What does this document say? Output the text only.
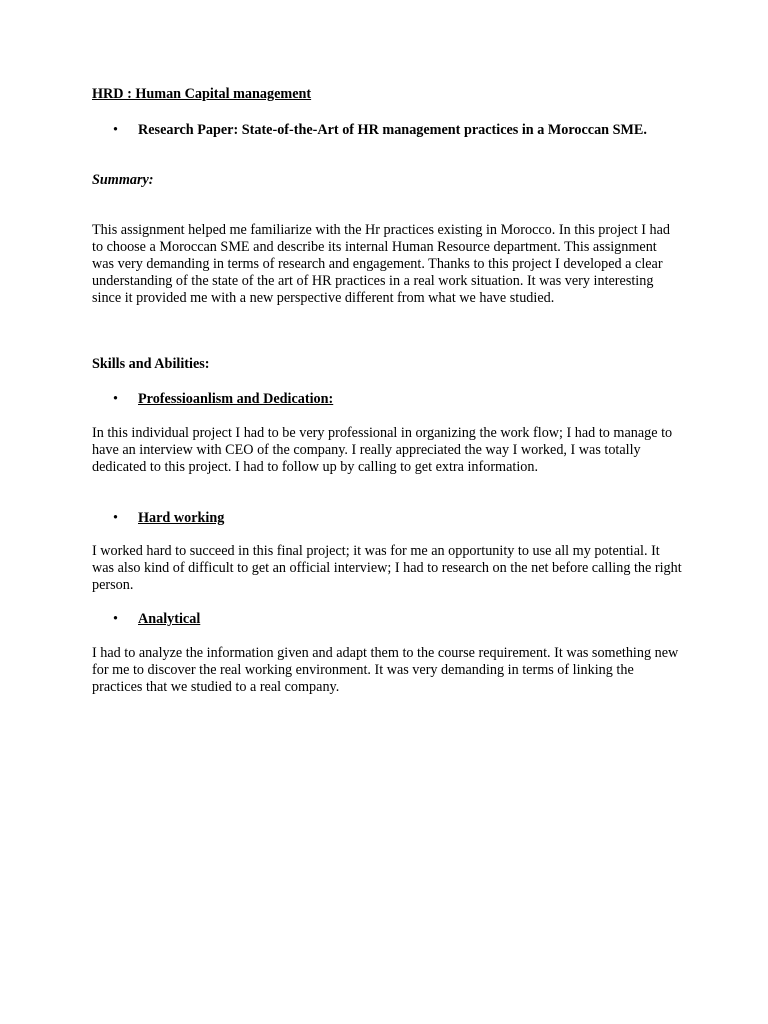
HRD : Human Capital management
•	Research Paper: State-of-the-Art of HR management practices in a Moroccan SME.
Summary:

This assignment helped me familiarize with the Hr practices existing in Morocco. In this project I had to choose a Moroccan SME and describe its internal Human Resource department. This assignment was very demanding in terms of research and engagement. Thanks to this project I developed a clear understanding of the state of the art of HR practices in a real work situation. It was very interesting since it provided me with a new perspective different from what we have studied.

Skills and Abilities:
•	Professioanlism and Dedication:

In this individual project I had to be very professional in organizing the work flow; I had to manage to have an interview with CEO of the company. I really appreciated the way I worked, I was totally dedicated to this project. I had to follow up by calling to get extra information.

•	Hard working

I worked hard to succeed in this final project; it was for me an opportunity to use all my potential. It was also kind of difficult to get an official interview; I had to research on the net before calling the right person.

•	Analytical

I had to analyze the information given and adapt them to the course requirement. It was something new for me to discover the real working environment. It was very demanding in terms of linking the practices that we studied to a real company.
